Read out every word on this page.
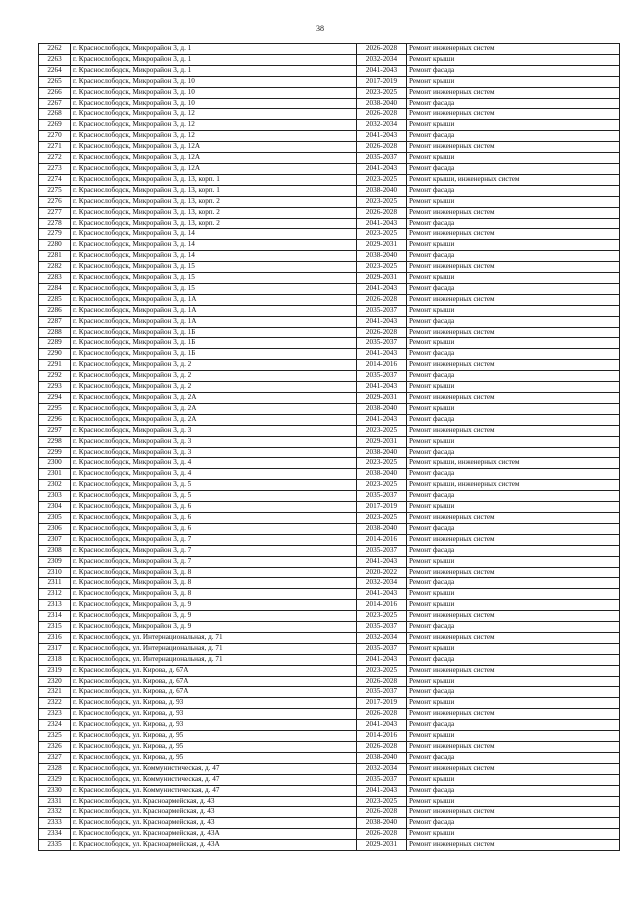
38
2262	г. Краснослободск, Микрорайон 3, д. 1	2026-2028	Ремонт инженерных систем
2263	г. Краснослободск, Микрорайон 3, д. 1	2032-2034	Ремонт крыши
2264	г. Краснослободск, Микрорайон 3, д. 1	2041-2043	Ремонт фасада
2265	г. Краснослободск, Микрорайон 3, д. 10	2017-2019	Ремонт крыши
2266	г. Краснослободск, Микрорайон 3, д. 10	2023-2025	Ремонт инженерных систем
2267	г. Краснослободск, Микрорайон 3, д. 10	2038-2040	Ремонт фасада
2268	г. Краснослободск, Микрорайон 3, д. 12	2026-2028	Ремонт инженерных систем
2269	г. Краснослободск, Микрорайон 3, д. 12	2032-2034	Ремонт крыши
2270	г. Краснослободск, Микрорайон 3, д. 12	2041-2043	Ремонт фасада
2271	г. Краснослободск, Микрорайон 3, д. 12А	2026-2028	Ремонт инженерных систем
2272	г. Краснослободск, Микрорайон 3, д. 12А	2035-2037	Ремонт крыши
2273	г. Краснослободск, Микрорайон 3, д. 12А	2041-2043	Ремонт фасада
2274	г. Краснослободск, Микрорайон 3, д. 13, корп. 1	2023-2025	Ремонт крыши, инженерных систем
2275	г. Краснослободск, Микрорайон 3, д. 13, корп. 1	2038-2040	Ремонт фасада
2276	г. Краснослободск, Микрорайон 3, д. 13, корп. 2	2023-2025	Ремонт крыши
2277	г. Краснослободск, Микрорайон 3, д. 13, корп. 2	2026-2028	Ремонт инженерных систем
2278	г. Краснослободск, Микрорайон 3, д. 13, корп. 2	2041-2043	Ремонт фасада
2279	г. Краснослободск, Микрорайон 3, д. 14	2023-2025	Ремонт инженерных систем
2280	г. Краснослободск, Микрорайон 3, д. 14	2029-2031	Ремонт крыши
2281	г. Краснослободск, Микрорайон 3, д. 14	2038-2040	Ремонт фасада
2282	г. Краснослободск, Микрорайон 3, д. 15	2023-2025	Ремонт инженерных систем
2283	г. Краснослободск, Микрорайон 3, д. 15	2029-2031	Ремонт крыши
2284	г. Краснослободск, Микрорайон 3, д. 15	2041-2043	Ремонт фасада
2285	г. Краснослободск, Микрорайон 3, д. 1А	2026-2028	Ремонт инженерных систем
2286	г. Краснослободск, Микрорайон 3, д. 1А	2035-2037	Ремонт крыши
2287	г. Краснослободск, Микрорайон 3, д. 1А	2041-2043	Ремонт фасада
2288	г. Краснослободск, Микрорайон 3, д. 1Б	2026-2028	Ремонт инженерных систем
2289	г. Краснослободск, Микрорайон 3, д. 1Б	2035-2037	Ремонт крыши
2290	г. Краснослободск, Микрорайон 3, д. 1Б	2041-2043	Ремонт фасада
2291	г. Краснослободск, Микрорайон 3, д. 2	2014-2016	Ремонт инженерных систем
2292	г. Краснослободск, Микрорайон 3, д. 2	2035-2037	Ремонт фасада
2293	г. Краснослободск, Микрорайон 3, д. 2	2041-2043	Ремонт крыши
2294	г. Краснослободск, Микрорайон 3, д. 2А	2029-2031	Ремонт инженерных систем
2295	г. Краснослободск, Микрорайон 3, д. 2А	2038-2040	Ремонт крыши
2296	г. Краснослободск, Микрорайон 3, д. 2А	2041-2043	Ремонт фасада
2297	г. Краснослободск, Микрорайон 3, д. 3	2023-2025	Ремонт инженерных систем
2298	г. Краснослободск, Микрорайон 3, д. 3	2029-2031	Ремонт крыши
2299	г. Краснослободск, Микрорайон 3, д. 3	2038-2040	Ремонт фасада
2300	г. Краснослободск, Микрорайон 3, д. 4	2023-2025	Ремонт крыши, инженерных систем
2301	г. Краснослободск, Микрорайон 3, д. 4	2038-2040	Ремонт фасада
2302	г. Краснослободск, Микрорайон 3, д. 5	2023-2025	Ремонт крыши, инженерных систем
2303	г. Краснослободск, Микрорайон 3, д. 5	2035-2037	Ремонт фасада
2304	г. Краснослободск, Микрорайон 3, д. 6	2017-2019	Ремонт крыши
2305	г. Краснослободск, Микрорайон 3, д. 6	2023-2025	Ремонт инженерных систем
2306	г. Краснослободск, Микрорайон 3, д. 6	2038-2040	Ремонт фасада
2307	г. Краснослободск, Микрорайон 3, д. 7	2014-2016	Ремонт инженерных систем
2308	г. Краснослободск, Микрорайон 3, д. 7	2035-2037	Ремонт фасада
2309	г. Краснослободск, Микрорайон 3, д. 7	2041-2043	Ремонт крыши
2310	г. Краснослободск, Микрорайон 3, д. 8	2020-2022	Ремонт инженерных систем
2311	г. Краснослободск, Микрорайон 3, д. 8	2032-2034	Ремонт фасада
2312	г. Краснослободск, Микрорайон 3, д. 8	2041-2043	Ремонт крыши
2313	г. Краснослободск, Микрорайон 3, д. 9	2014-2016	Ремонт крыши
2314	г. Краснослободск, Микрорайон 3, д. 9	2023-2025	Ремонт инженерных систем
2315	г. Краснослободск, Микрорайон 3, д. 9	2035-2037	Ремонт фасада
2316	г. Краснослободск, ул. Интернациональная, д. 71	2032-2034	Ремонт инженерных систем
2317	г. Краснослободск, ул. Интернациональная, д. 71	2035-2037	Ремонт крыши
2318	г. Краснослободск, ул. Интернациональная, д. 71	2041-2043	Ремонт фасада
2319	г. Краснослободск, ул. Кирова, д. 67А	2023-2025	Ремонт инженерных систем
2320	г. Краснослободск, ул. Кирова, д. 67А	2026-2028	Ремонт крыши
2321	г. Краснослободск, ул. Кирова, д. 67А	2035-2037	Ремонт фасада
2322	г. Краснослободск, ул. Кирова, д. 93	2017-2019	Ремонт крыши
2323	г. Краснослободск, ул. Кирова, д. 93	2026-2028	Ремонт инженерных систем
2324	г. Краснослободск, ул. Кирова, д. 93	2041-2043	Ремонт фасада
2325	г. Краснослободск, ул. Кирова, д. 95	2014-2016	Ремонт крыши
2326	г. Краснослободск, ул. Кирова, д. 95	2026-2028	Ремонт инженерных систем
2327	г. Краснослободск, ул. Кирова, д. 95	2038-2040	Ремонт фасада
2328	г. Краснослободск, ул. Коммунистическая, д. 47	2032-2034	Ремонт инженерных систем
2329	г. Краснослободск, ул. Коммунистическая, д. 47	2035-2037	Ремонт крыши
2330	г. Краснослободск, ул. Коммунистическая, д. 47	2041-2043	Ремонт фасада
2331	г. Краснослободск, ул. Красноармейская, д. 43	2023-2025	Ремонт крыши
2332	г. Краснослободск, ул. Красноармейская, д. 43	2026-2028	Ремонт инженерных систем
2333	г. Краснослободск, ул. Красноармейская, д. 43	2038-2040	Ремонт фасада
2334	г. Краснослободск, ул. Красноармейская, д. 43А	2026-2028	Ремонт крыши
2335	г. Краснослободск, ул. Красноармейская, д. 43А	2029-2031	Ремонт инженерных систем
